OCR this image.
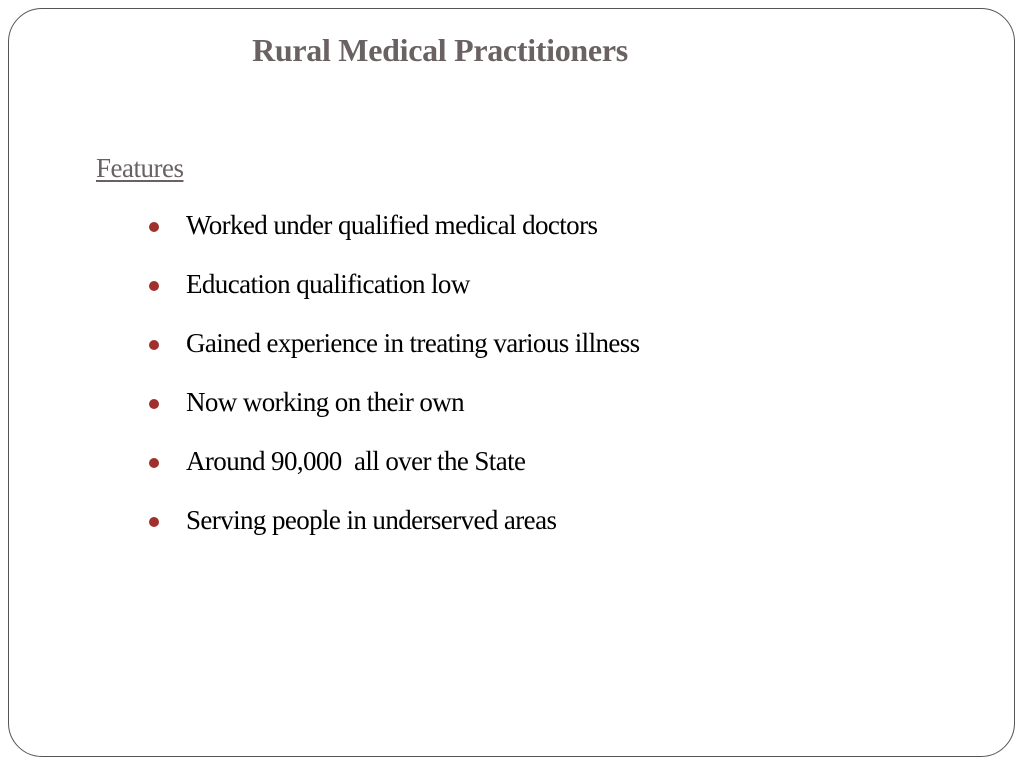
Rural Medical Practitioners
Features
Worked under qualified medical doctors
Education qualification low
Gained experience in treating various illness
Now working on their own
Around 90,000  all over the State
Serving people in underserved areas
